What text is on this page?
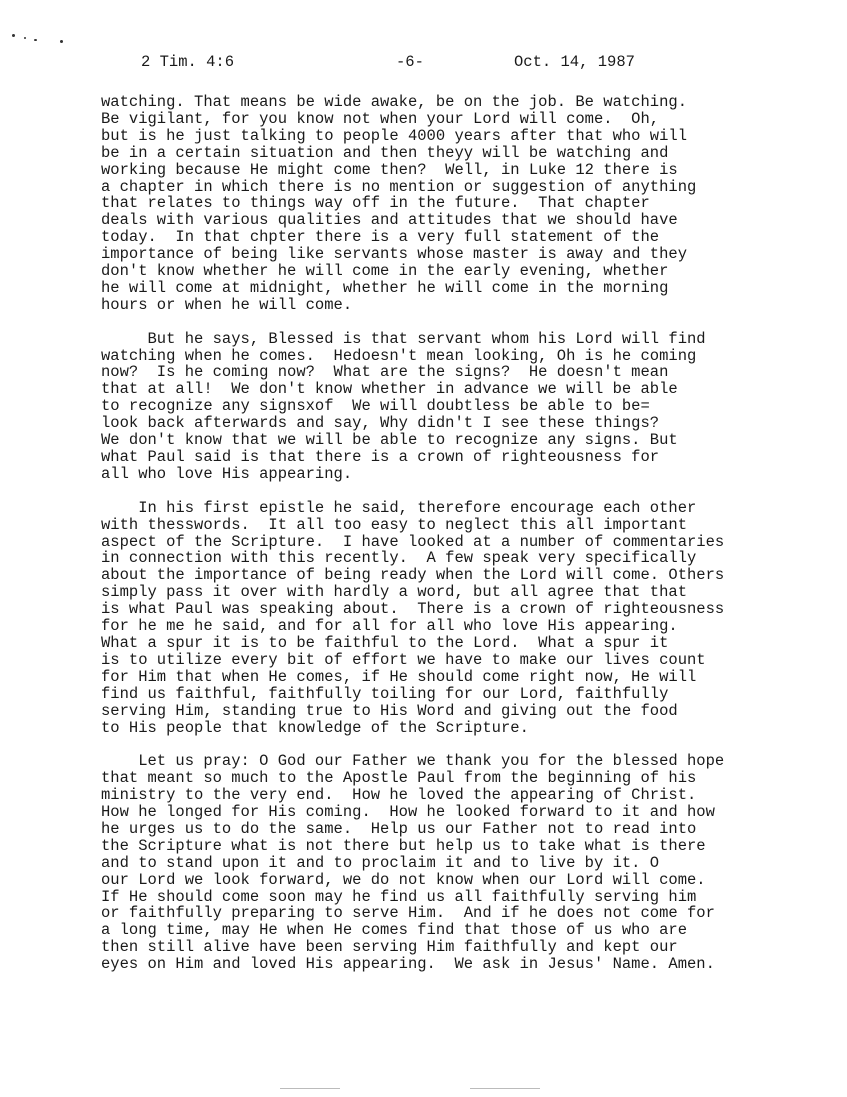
2 Tim. 4:6	-6-	Oct. 14, 1987
watching. That means be wide awake, be on the job. Be watching.
Be vigilant, for you know not when your Lord will come.  Oh,
but is he just talking to people 4000 years after that who will
be in a certain situation and then theyy will be watching and
working because He might come then?  Well, in Luke 12 there is
a chapter in which there is no mention or suggestion of anything
that relates to things way off in the future.  That chapter
deals with various qualities and attitudes that we should have
today.  In that chpter there is a very full statement of the
importance of being like servants whose master is away and they
don't know whether he will come in the early evening, whether
he will come at midnight, whether he will come in the morning
hours or when he will come.
But he says, Blessed is that servant whom his Lord will find
watching when he comes.  Hedoesn't mean looking, Oh is he coming
now?  Is he coming now?  What are the signs?  He doesn't mean
that at all!  We don't know whether in advance we will be able
to recognize any signsxof  We will doubtless be able to be=
look back afterwards and say, Why didn't I see these things?
We don't know that we will be able to recognize any signs. But
what Paul said is that there is a crown of righteousness for
all who love His appearing.
In his first epistle he said, therefore encourage each other
with thesswords.  It all too easy to neglect this all important
aspect of the Scripture.  I have looked at a number of commentaries
in connection with this recently.  A few speak very specifically
about the importance of being ready when the Lord will come. Others
simply pass it over with hardly a word, but all agree that that
is what Paul was speaking about.  There is a crown of righteousness
for he me he said, and for all for all who love His appearing.
What a spur it is to be faithful to the Lord.  What a spur it
is to utilize every bit of effort we have to make our lives count
for Him that when He comes, if He should come right now, He will
find us faithful, faithfully toiling for our Lord, faithfully
serving Him, standing true to His Word and giving out the food
to His people that knowledge of the Scripture.
Let us pray: O God our Father we thank you for the blessed hope
that meant so much to the Apostle Paul from the beginning of his
ministry to the very end.  How he loved the appearing of Christ.
How he longed for His coming.  How he looked forward to it and how
he urges us to do the same.  Help us our Father not to read into
the Scripture what is not there but help us to take what is there
and to stand upon it and to proclaim it and to live by it. O
our Lord we look forward, we do not know when our Lord will come.
If He should come soon may he find us all faithfully serving him
or faithfully preparing to serve Him.  And if he does not come for
a long time, may He when He comes find that those of us who are
then still alive have been serving Him faithfully and kept our
eyes on Him and loved His appearing.  We ask in Jesus' Name. Amen.
